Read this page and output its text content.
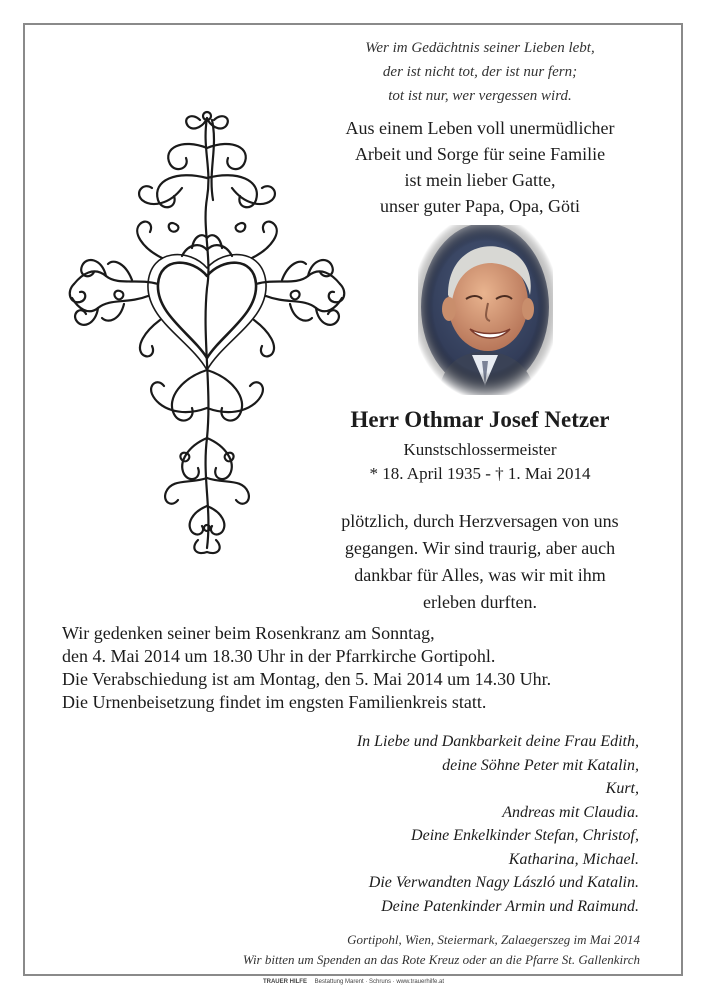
Wer im Gedächtnis seiner Lieben lebt,
der ist nicht tot, der ist nur fern;
tot ist nur, wer vergessen wird.
Aus einem Leben voll unermüdlicher
Arbeit und Sorge für seine Familie
ist mein lieber Gatte,
unser guter Papa, Opa, Göti
Herr Othmar Josef Netzer
Kunstschlossermeister
* 18. April 1935 - † 1. Mai 2014
plötzlich, durch Herzversagen von uns
gegangen. Wir sind traurig, aber auch
dankbar für Alles, was wir mit ihm
erleben durften.
Wir gedenken seiner beim Rosenkranz am Sonntag,
den 4. Mai 2014 um 18.30 Uhr in der Pfarrkirche Gortipohl.
Die Verabschiedung ist am Montag, den 5. Mai 2014 um 14.30 Uhr.
Die Urnenbeisetzung findet im engsten Familienkreis statt.
In Liebe und Dankbarkeit deine Frau Edith,
deine Söhne Peter mit Katalin,
Kurt,
Andreas mit Claudia.
Deine Enkelkinder Stefan, Christof,
Katharina, Michael.
Die Verwandten Nagy László und Katalin.
Deine Patenkinder Armin und Raimund.
Gortipohl, Wien, Steiermark, Zalaegerszeg im Mai 2014
Wir bitten um Spenden an das Rote Kreuz oder an die Pfarre St. Gallenkirch
TRAUER HILFE Bestattung Marent · Schruns · www.trauerhilfe.at
